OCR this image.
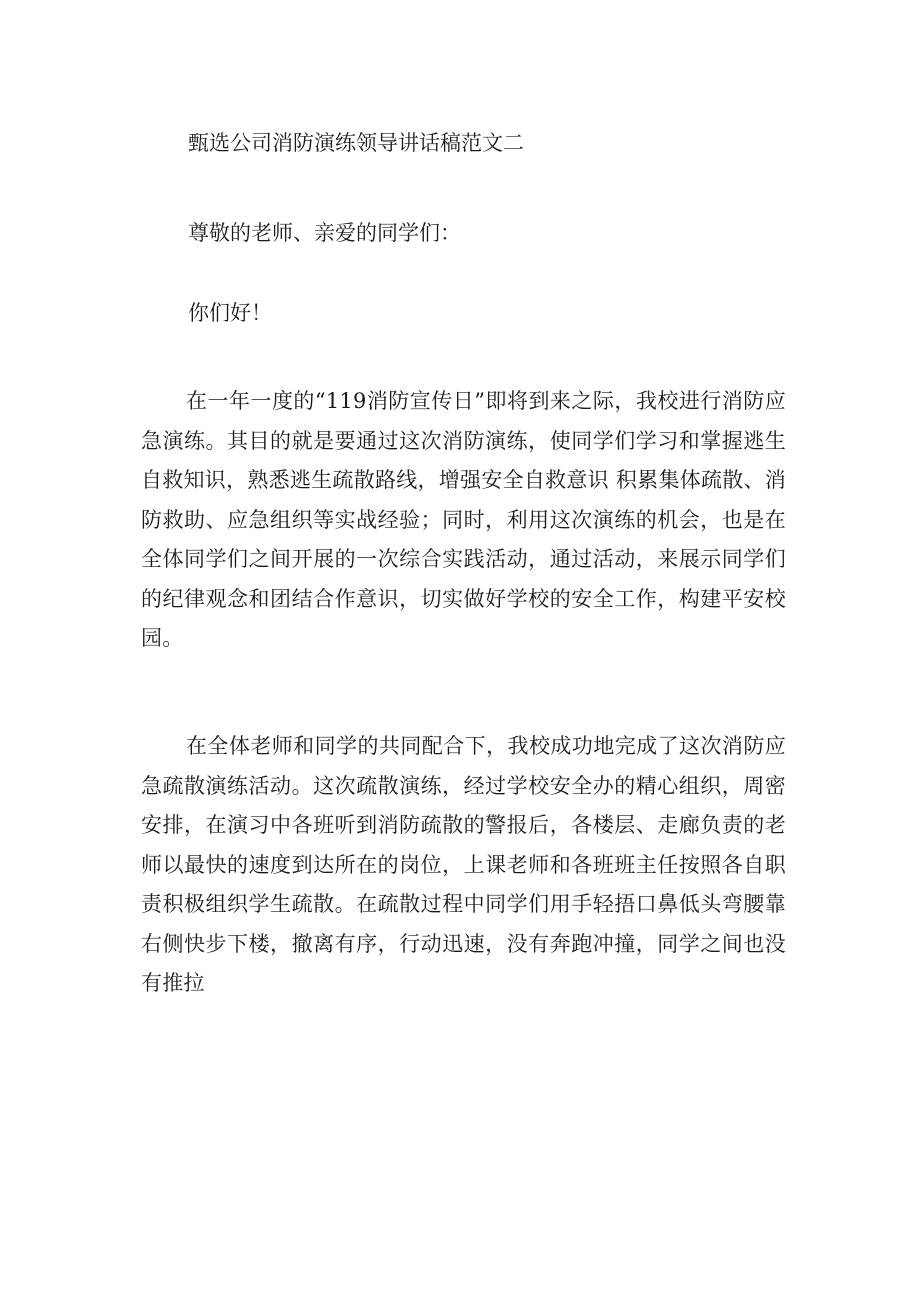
甄选公司消防演练领导讲话稿范文二

尊敬的老师、亲爱的同学们：

你们好！

在一年一度的“119消防宣传日”即将到来之际，我校进行消防应急演练。其目的就是要通过这次消防演练，使同学们学习和掌握逃生自救知识，熟悉逃生疏散路线，增强安全自救意识 积累集体疏散、消防救助、应急组织等实战经验；同时，利用这次演练的机会，也是在全体同学们之间开展的一次综合实践活动，通过活动，来展示同学们的纪律观念和团结合作意识，切实做好学校的安全工作，构建平安校园。

在全体老师和同学的共同配合下，我校成功地完成了这次消防应急疏散演练活动。这次疏散演练，经过学校安全办的精心组织，周密安排，在演习中各班听到消防疏散的警报后，各楼层、走廊负责的老师以最快的速度到达所在的岗位，上课老师和各班班主任按照各自职责积极组织学生疏散。在疏散过程中同学们用手轻捂口鼻低头弯腰靠右侧快步下楼，撤离有序，行动迅速，没有奔跑冲撞，同学之间也没有推拉
